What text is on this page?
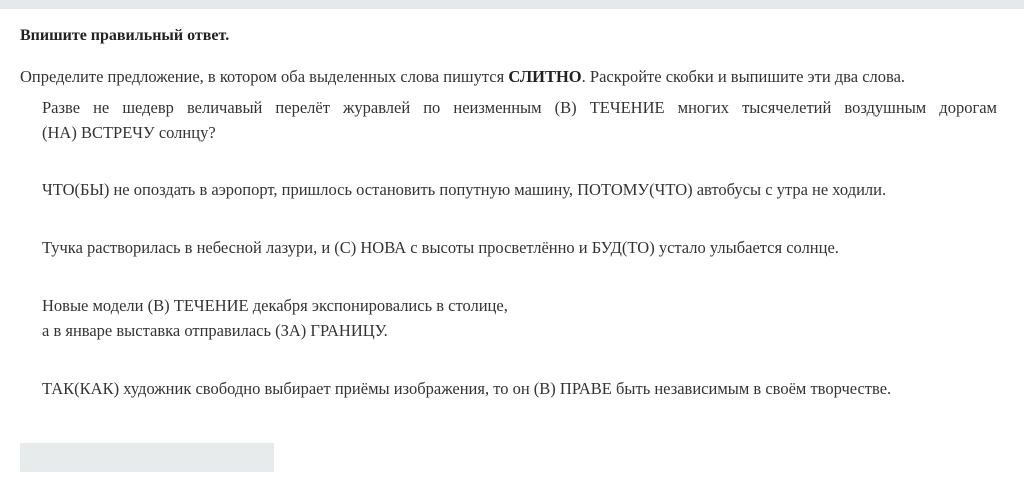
Впишите правильный ответ.
Определите предложение, в котором оба выделенных слова пишутся СЛИТНО. Раскройте скобки и выпишите эти два слова.
Разве не шедевр величавый перелёт журавлей по неизменным (В) ТЕЧЕНИЕ многих тысячелетий воздушным дорогам
(НА) ВСТРЕЧУ солнцу?
ЧТО(БЫ) не опоздать в аэропорт, пришлось остановить попутную машину, ПОТОМУ(ЧТО) автобусы с утра не ходили.
Тучка растворилась в небесной лазури, и (С) НОВА с высоты просветлённо и БУД(ТО) устало улыбается солнце.
Новые модели (В) ТЕЧЕНИЕ декабря экспонировались в столице,
а в январе выставка отправилась (ЗА) ГРАНИЦУ.
ТАК(КАК) художник свободно выбирает приёмы изображения, то он (В) ПРАВЕ быть независимым в своём творчестве.
